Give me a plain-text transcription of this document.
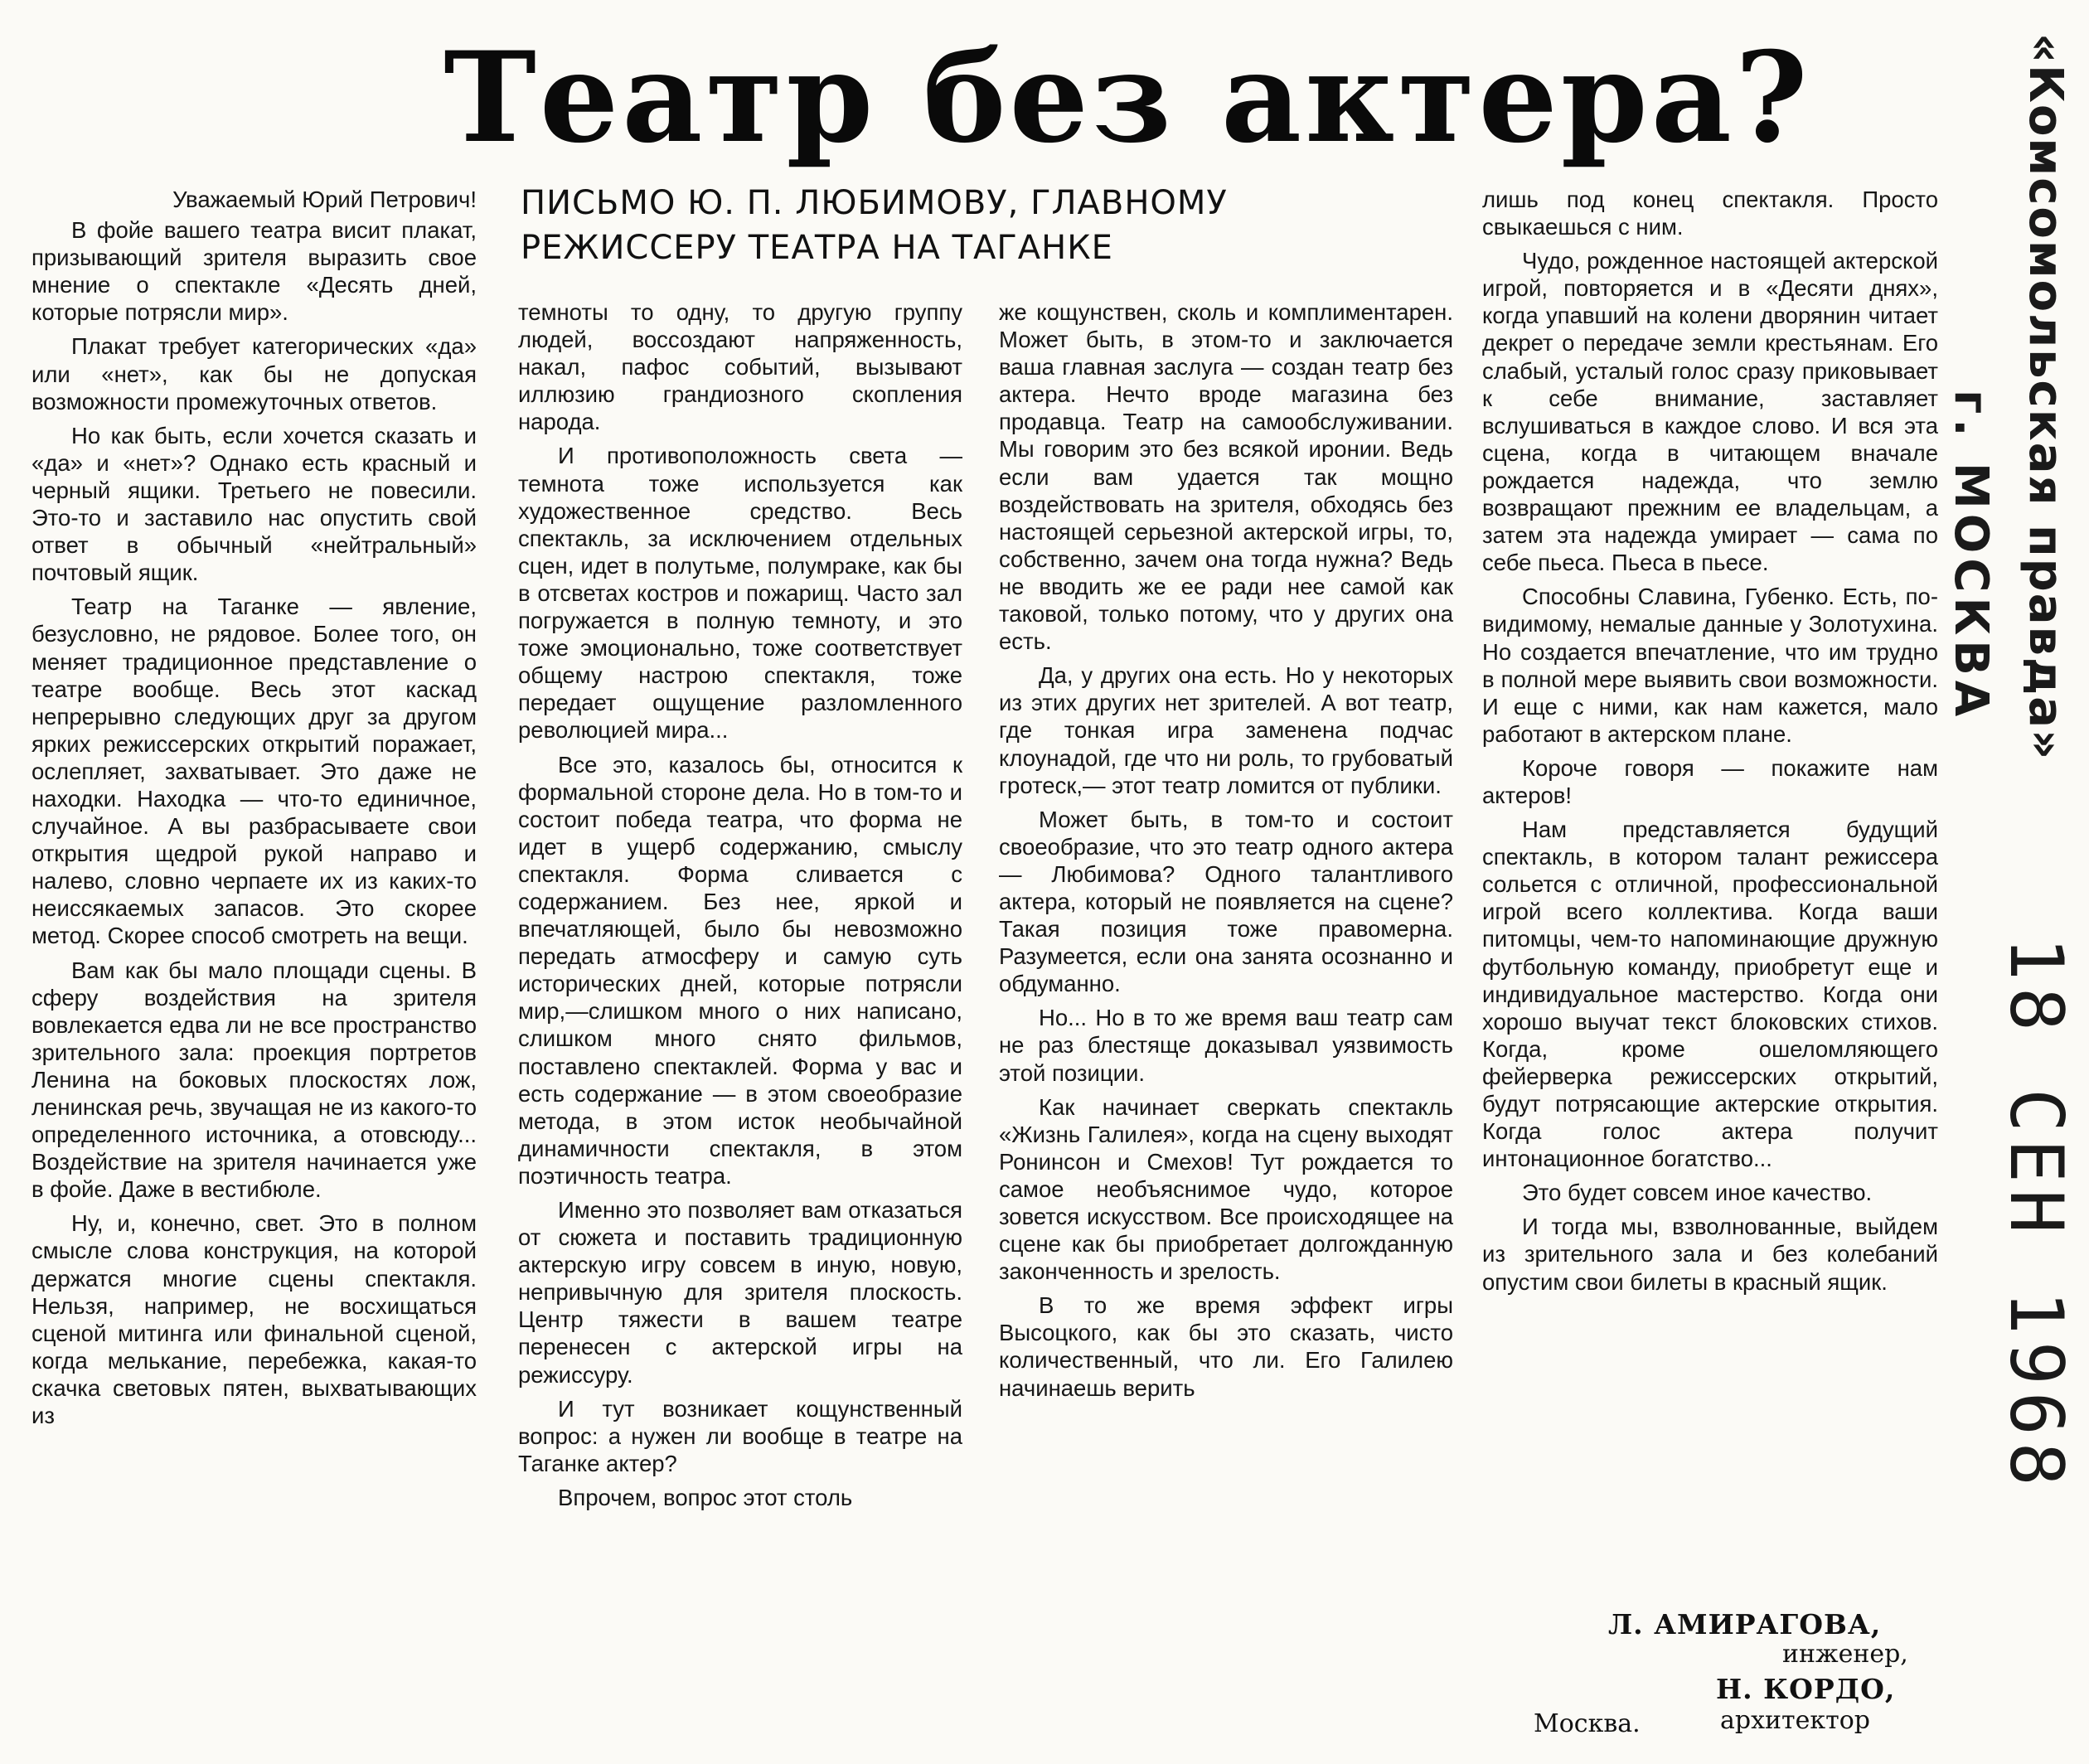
Театр без актера?
ПИСЬМО Ю. П. ЛЮБИМОВУ, ГЛАВНОМУ РЕЖИССЕРУ ТЕАТРА НА ТАГАНКЕ

Уважаемый Юрий Петрович!

В фойе вашего театра висит плакат, призывающий зрителя выразить свое мнение о спектакле «Десять дней, которые потрясли мир».

Плакат требует категорических «да» или «нет», как бы не допуская возможности промежуточных ответов.

Но как быть, если хочется сказать и «да» и «нет»? Однако есть красный и черный ящики. Третьего не повесили. Это-то и заставило нас опустить свой ответ в обычный «нейтральный» почтовый ящик.

Театр на Таганке — явление, безусловно, не рядовое. Более того, он меняет традиционное представление о театре вообще. Весь этот каскад непрерывно следующих друг за другом ярких режиссерских открытий поражает, ослепляет, захватывает. Это даже не находки. Находка — что-то единичное, случайное. А вы разбрасываете свои открытия щедрой рукой направо и налево, словно черпаете их из каких-то неиссякаемых запасов. Это скорее метод. Скорее способ смотреть на вещи.

Вам как бы мало площади сцены. В сферу воздействия на зрителя вовлекается едва ли не все пространство зрительного зала: проекция портретов Ленина на боковых плоскостях лож, ленинская речь, звучащая не из какого-то определенного источника, а отовсюду... Воздействие на зрителя начинается уже в фойе. Даже в вестибюле.

Ну, и, конечно, свет. Это в полном смысле слова конструкция, на которой держатся многие сцены спектакля. Нельзя, например, не восхищаться сценой митинга или финальной сценой, когда мелькание, перебежка, какая-то скачка световых пятен, выхватывающих из

темноты то одну, то другую группу людей, воссоздают напряженность, накал, пафос событий, вызывают иллюзию грандиозного скопления народа.

И противоположность света — темнота тоже используется как художественное средство. Весь спектакль, за исключением отдельных сцен, идет в полутьме, полумраке, как бы в отсветах костров и пожарищ. Часто зал погружается в полную темноту, и это тоже эмоционально, тоже соответствует общему настрою спектакля, тоже передает ощущение разломленного революцией мира...

Все это, казалось бы, относится к формальной стороне дела. Но в том-то и состоит победа театра, что форма не идет в ущерб содержанию, смыслу спектакля. Форма сливается с содержанием. Без нее, яркой и впечатляющей, было бы невозможно передать атмосферу и самую суть исторических дней, которые потрясли мир,—слишком много о них написано, слишком много снято фильмов, поставлено спектаклей. Форма у вас и есть содержание — в этом своеобразие метода, в этом исток необычайной динамичности спектакля, в этом поэтичность театра.

Именно это позволяет вам отказаться от сюжета и поставить традиционную актерскую игру совсем в иную, новую, непривычную для зрителя плоскость. Центр тяжести в вашем театре перенесен с актерской игры на режиссуру.

И тут возникает кощунственный вопрос: а нужен ли вообще в театре на Таганке актер?

Впрочем, вопрос этот столь

же кощунствен, сколь и комплиментарен. Может быть, в этом-то и заключается ваша главная заслуга — создан театр без актера. Нечто вроде магазина без продавца. Театр на самообслуживании. Мы говорим это без всякой иронии. Ведь если вам удается так мощно воздействовать на зрителя, обходясь без настоящей серьезной актерской игры, то, собственно, зачем она тогда нужна? Ведь не вводить же ее ради нее самой как таковой, только потому, что у других она есть.

Да, у других она есть. Но у некоторых из этих других нет зрителей. А вот театр, где тонкая игра заменена подчас клоунадой, где что ни роль, то грубоватый гротеск,— этот театр ломится от публики.

Может быть, в том-то и состоит своеобразие, что это театр одного актера — Любимова? Одного талантливого актера, который не появляется на сцене? Такая позиция тоже правомерна. Разумеется, если она занята осознанно и обдуманно.

Но... Но в то же время ваш театр сам не раз блестяще доказывал уязвимость этой позиции.

Как начинает сверкать спектакль «Жизнь Галилея», когда на сцену выходят Ронинсон и Смехов! Тут рождается то самое необъяснимое чудо, которое зовется искусством. Все происходящее на сцене как бы приобретает долгожданную законченность и зрелость.

В то же время эффект игры Высоцкого, как бы это сказать, чисто количественный, что ли. Его Галилею начинаешь верить

лишь под конец спектакля. Просто свыкаешься с ним.

Чудо, рожденное настоящей актерской игрой, повторяется и в «Десяти днях», когда упавший на колени дворянин читает декрет о передаче земли крестьянам. Его слабый, усталый голос сразу приковывает к себе внимание, заставляет вслушиваться в каждое слово. И вся эта сцена, когда в читающем вначале рождается надежда, что землю возвращают прежним ее владельцам, а затем эта надежда умирает — сама по себе пьеса. Пьеса в пьесе.

Способны Славина, Губенко. Есть, по-видимому, немалые данные у Золотухина. Но создается впечатление, что им трудно в полной мере выявить свои возможности. И еще с ними, как нам кажется, мало работают в актерском плане.

Короче говоря — покажите нам актеров!

Нам представляется будущий спектакль, в котором талант режиссера сольется с отличной, профессиональной игрой всего коллектива. Когда ваши питомцы, чем-то напоминающие дружную футбольную команду, приобретут еще и индивидуальное мастерство. Когда они хорошо выучат текст блоковских стихов. Когда, кроме ошеломляющего фейерверка режиссерских открытий, будут потрясающие актерские открытия. Когда голос актера получит интонационное богатство...

Это будет совсем иное качество.

И тогда мы, взволнованные, выйдем из зрительного зала и без колебаний опустим свои билеты в красный ящик.

Л. АМИРАГОВА,
инженер,
Н. КОРДО,
Москва.	архитектор
«Комсомольская правда»
г. МОСКВА
18 СЕН 1968
